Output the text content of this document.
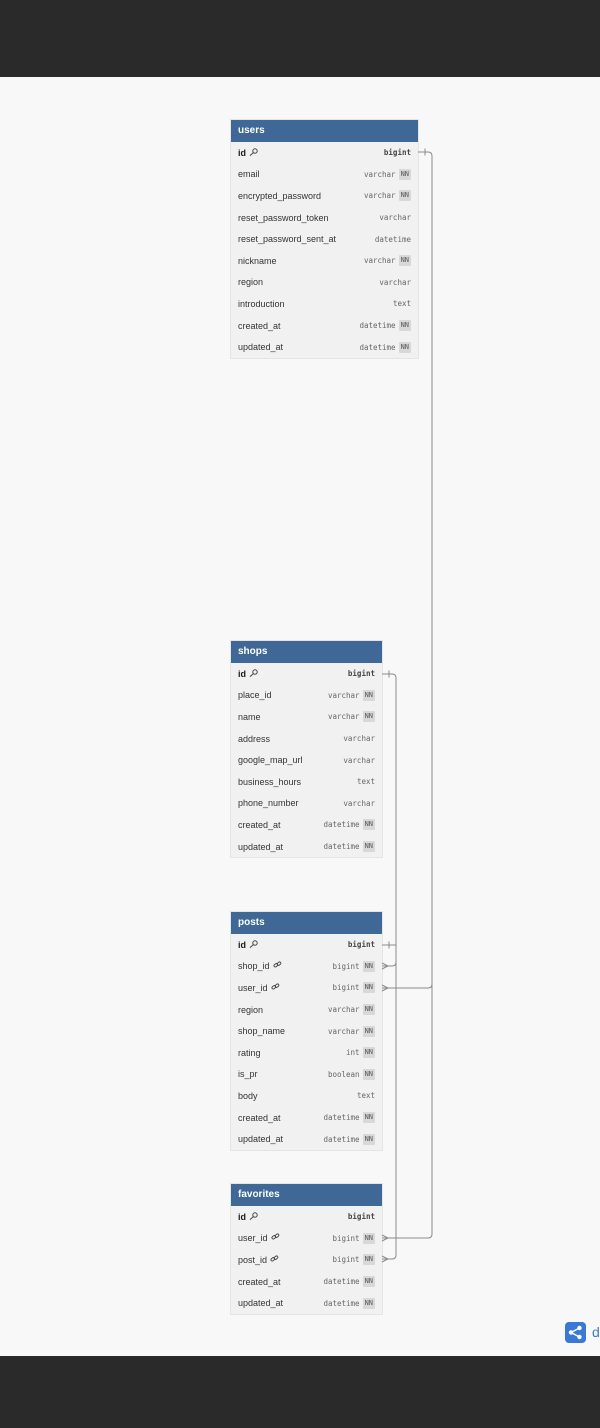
users
id	bigint
email	varchar NN
encrypted_password	varchar NN
reset_password_token	varchar
reset_password_sent_at	datetime
nickname	varchar NN
region	varchar
introduction	text
created_at	datetime NN
updated_at	datetime NN
shops
id	bigint
place_id	varchar NN
name	varchar NN
address	varchar
google_map_url	varchar
business_hours	text
phone_number	varchar
created_at	datetime NN
updated_at	datetime NN
posts
id	bigint
shop_id	bigint NN
user_id	bigint NN
region	varchar NN
shop_name	varchar NN
rating	int NN
is_pr	boolean NN
body	text
created_at	datetime NN
updated_at	datetime NN
favorites
id	bigint
user_id	bigint NN
post_id	bigint NN
created_at	datetime NN
updated_at	datetime NN
d
